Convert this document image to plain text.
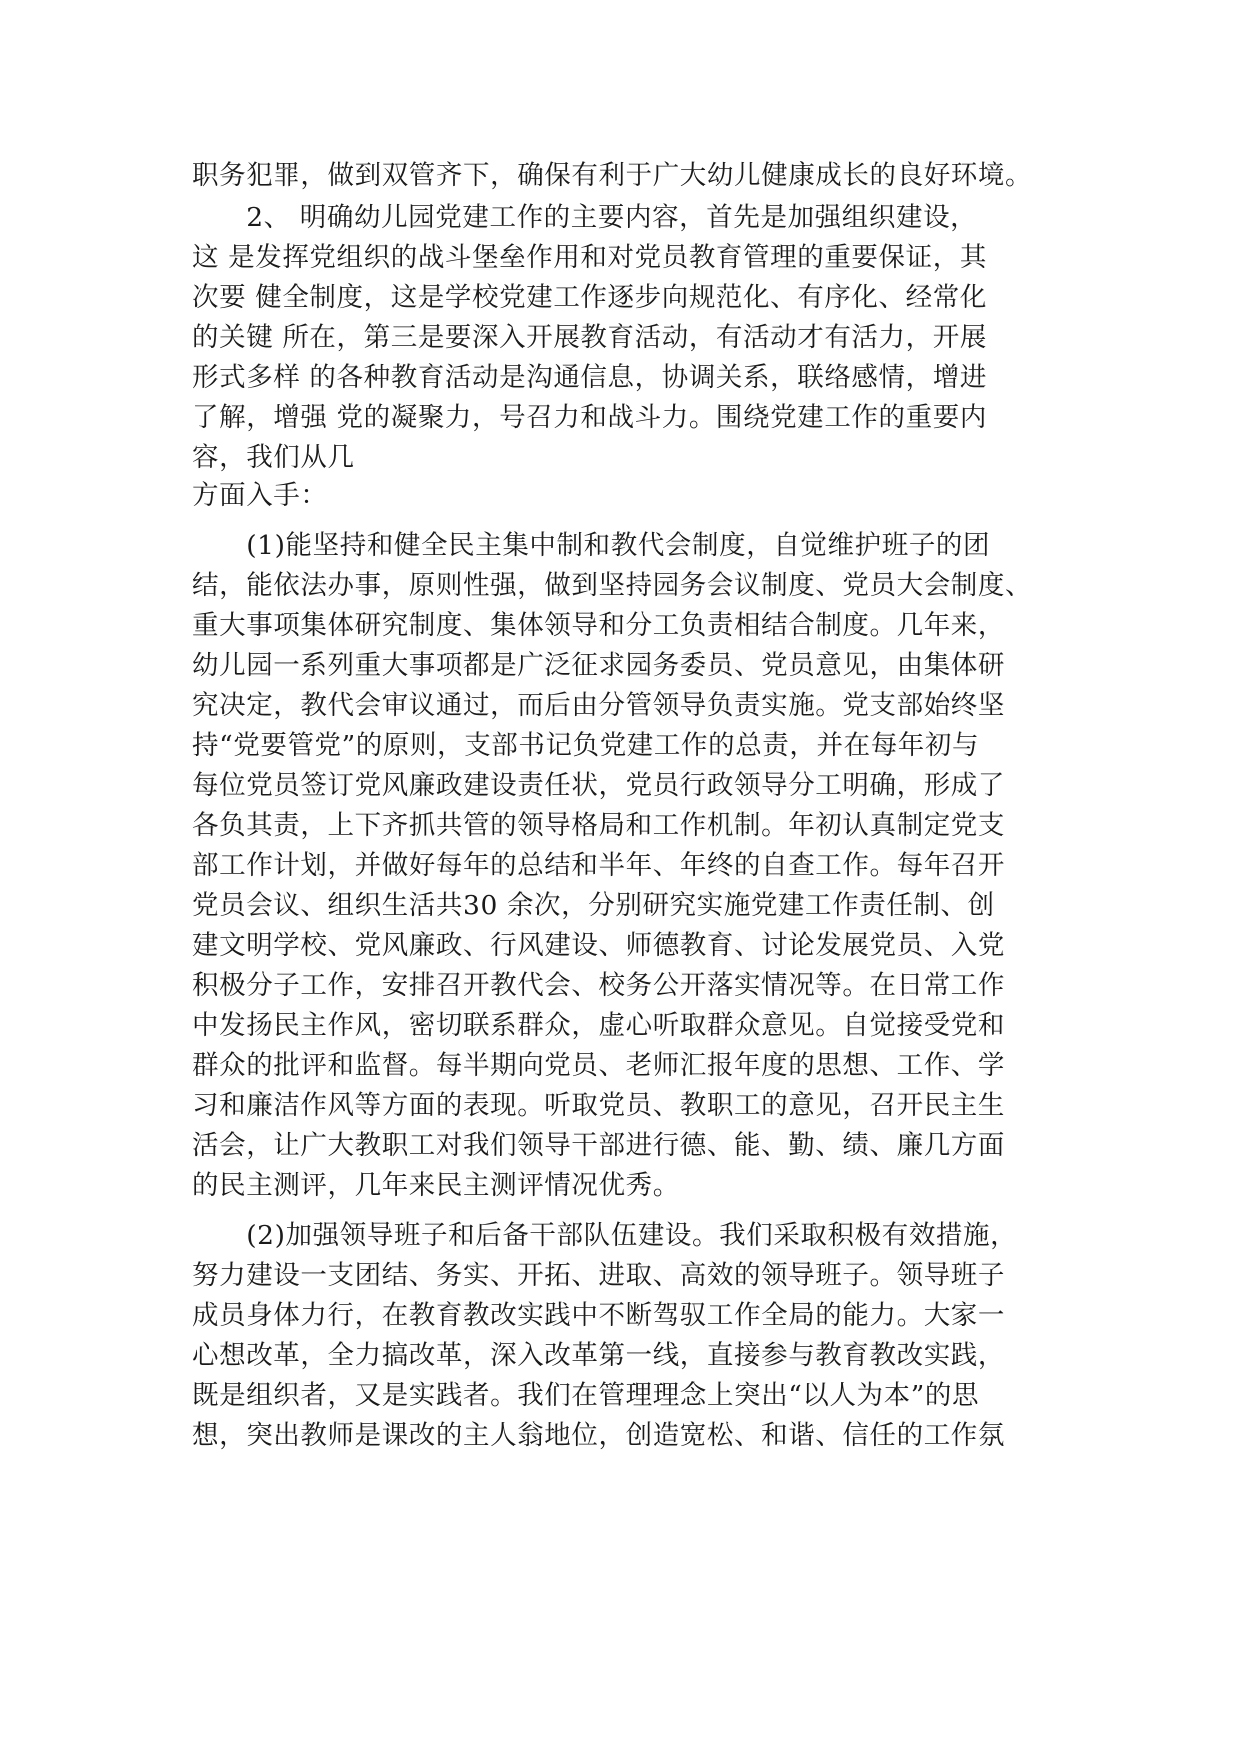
职务犯罪，做到双管齐下，确保有利于广大幼儿健康成长的良好环境。
　　2、 明确幼儿园党建工作的主要内容，首先是加强组织建设，
这 是发挥党组织的战斗堡垒作用和对党员教育管理的重要保证，其
次要 健全制度，这是学校党建工作逐步向规范化、有序化、经常化
的关键 所在，第三是要深入开展教育活动，有活动才有活力，开展
形式多样 的各种教育活动是沟通信息，协调关系，联络感情，增进
了解，增强 党的凝聚力，号召力和战斗力。围绕党建工作的重要内
容，我们从几
方面入手：
　　(1)能坚持和健全民主集中制和教代会制度，自觉维护班子的团
结，能依法办事，原则性强，做到坚持园务会议制度、党员大会制度、
重大事项集体研究制度、集体领导和分工负责相结合制度。几年来，
幼儿园一系列重大事项都是广泛征求园务委员、党员意见，由集体研
究决定，教代会审议通过，而后由分管领导负责实施。党支部始终坚
持“党要管党”的原则，支部书记负党建工作的总责，并在每年初与
每位党员签订党风廉政建设责任状，党员行政领导分工明确，形成了
各负其责，上下齐抓共管的领导格局和工作机制。年初认真制定党支
部工作计划，并做好每年的总结和半年、年终的自查工作。每年召开
党员会议、组织生活共30 余次，分别研究实施党建工作责任制、创
建文明学校、党风廉政、行风建设、师德教育、讨论发展党员、入党
积极分子工作，安排召开教代会、校务公开落实情况等。在日常工作
中发扬民主作风，密切联系群众，虚心听取群众意见。自觉接受党和
群众的批评和监督。每半期向党员、老师汇报年度的思想、工作、学
习和廉洁作风等方面的表现。听取党员、教职工的意见，召开民主生
活会，让广大教职工对我们领导干部进行德、能、勤、绩、廉几方面
的民主测评，几年来民主测评情况优秀。
　　(2)加强领导班子和后备干部队伍建设。我们采取积极有效措施，
努力建设一支团结、务实、开拓、进取、高效的领导班子。领导班子
成员身体力行，在教育教改实践中不断驾驭工作全局的能力。大家一
心想改革，全力搞改革，深入改革第一线，直接参与教育教改实践，
既是组织者，又是实践者。我们在管理理念上突出“以人为本”的思
想，突出教师是课改的主人翁地位，创造宽松、和谐、信任的工作氛
